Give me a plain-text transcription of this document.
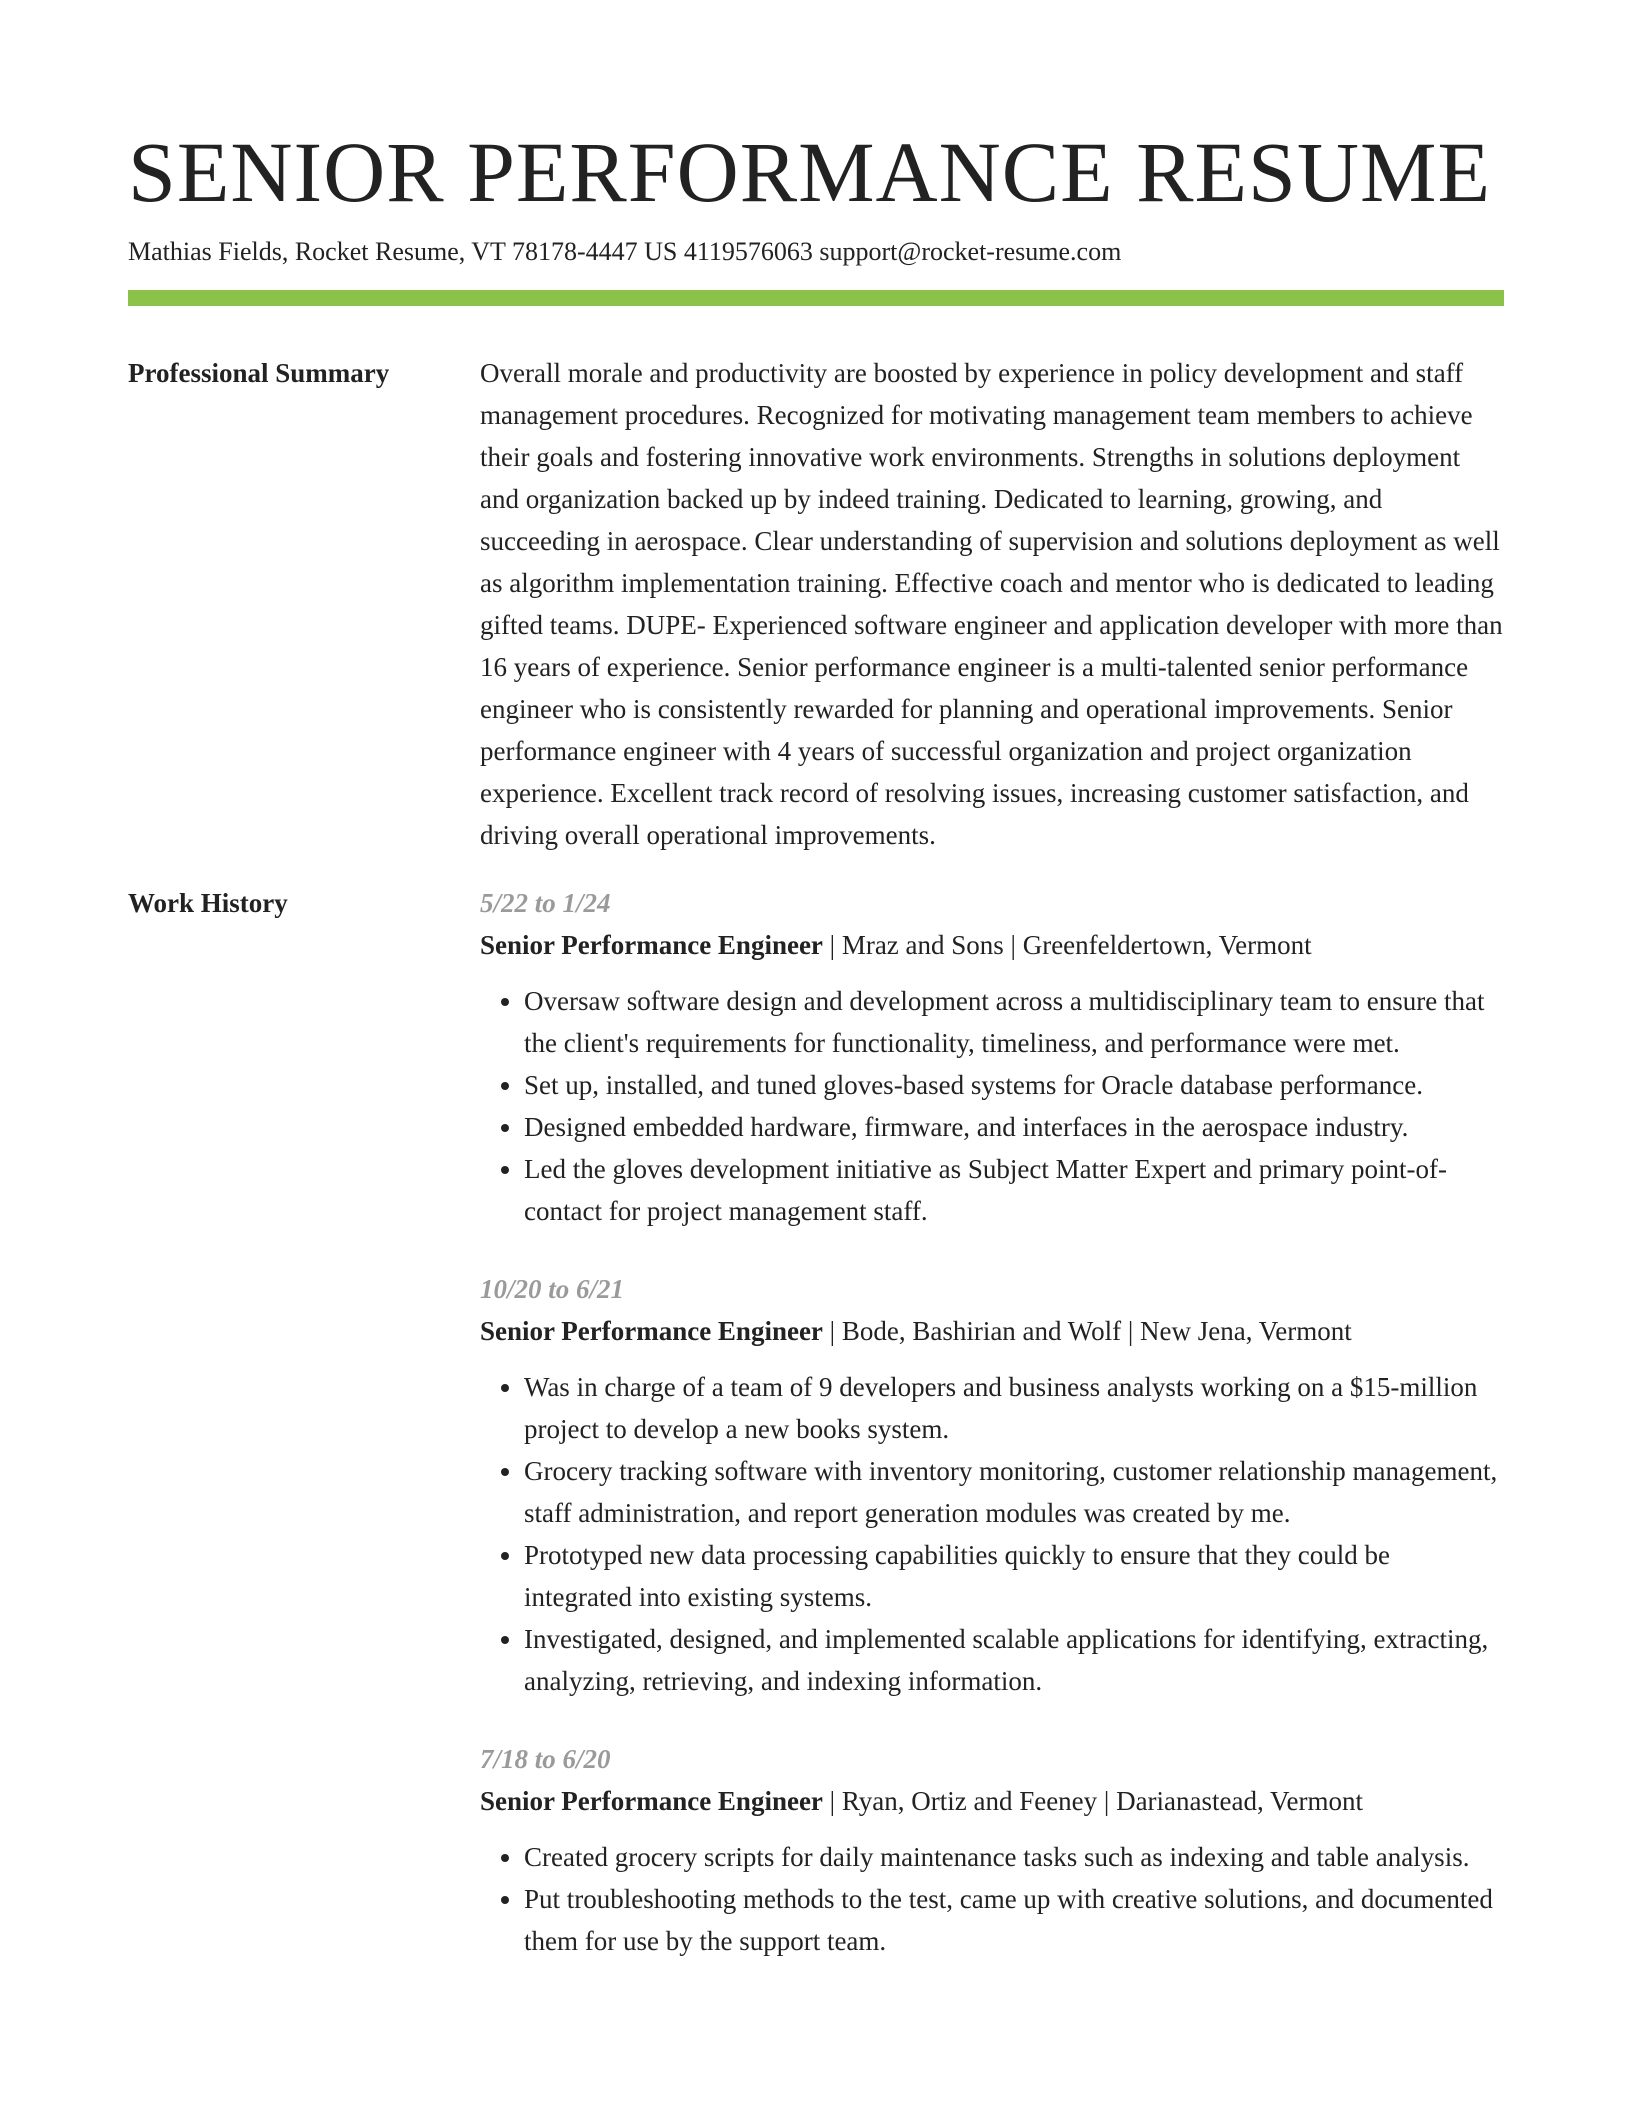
SENIOR PERFORMANCE RESUME
Mathias Fields, Rocket Resume, VT 78178-4447 US 4119576063 support@rocket-resume.com
Professional Summary	Overall morale and productivity are boosted by experience in policy development and staff management procedures. Recognized for motivating management team members to achieve their goals and fostering innovative work environments. Strengths in solutions deployment and organization backed up by indeed training. Dedicated to learning, growing, and succeeding in aerospace. Clear understanding of supervision and solutions deployment as well as algorithm implementation training. Effective coach and mentor who is dedicated to leading gifted teams. DUPE- Experienced software engineer and application developer with more than 16 years of experience. Senior performance engineer is a multi-talented senior performance engineer who is consistently rewarded for planning and operational improvements. Senior performance engineer with 4 years of successful organization and project organization experience. Excellent track record of resolving issues, increasing customer satisfaction, and driving overall operational improvements.

Work History	5/22 to 1/24
Senior Performance Engineer | Mraz and Sons | Greenfeldertown, Vermont
• Oversaw software design and development across a multidisciplinary team to ensure that the client's requirements for functionality, timeliness, and performance were met.
• Set up, installed, and tuned gloves-based systems for Oracle database performance.
• Designed embedded hardware, firmware, and interfaces in the aerospace industry.
• Led the gloves development initiative as Subject Matter Expert and primary point-of-contact for project management staff.
10/20 to 6/21
Senior Performance Engineer | Bode, Bashirian and Wolf | New Jena, Vermont
• Was in charge of a team of 9 developers and business analysts working on a $15-million project to develop a new books system.
• Grocery tracking software with inventory monitoring, customer relationship management, staff administration, and report generation modules was created by me.
• Prototyped new data processing capabilities quickly to ensure that they could be integrated into existing systems.
• Investigated, designed, and implemented scalable applications for identifying, extracting, analyzing, retrieving, and indexing information.
7/18 to 6/20
Senior Performance Engineer | Ryan, Ortiz and Feeney | Darianastead, Vermont
• Created grocery scripts for daily maintenance tasks such as indexing and table analysis.
• Put troubleshooting methods to the test, came up with creative solutions, and documented them for use by the support team.
